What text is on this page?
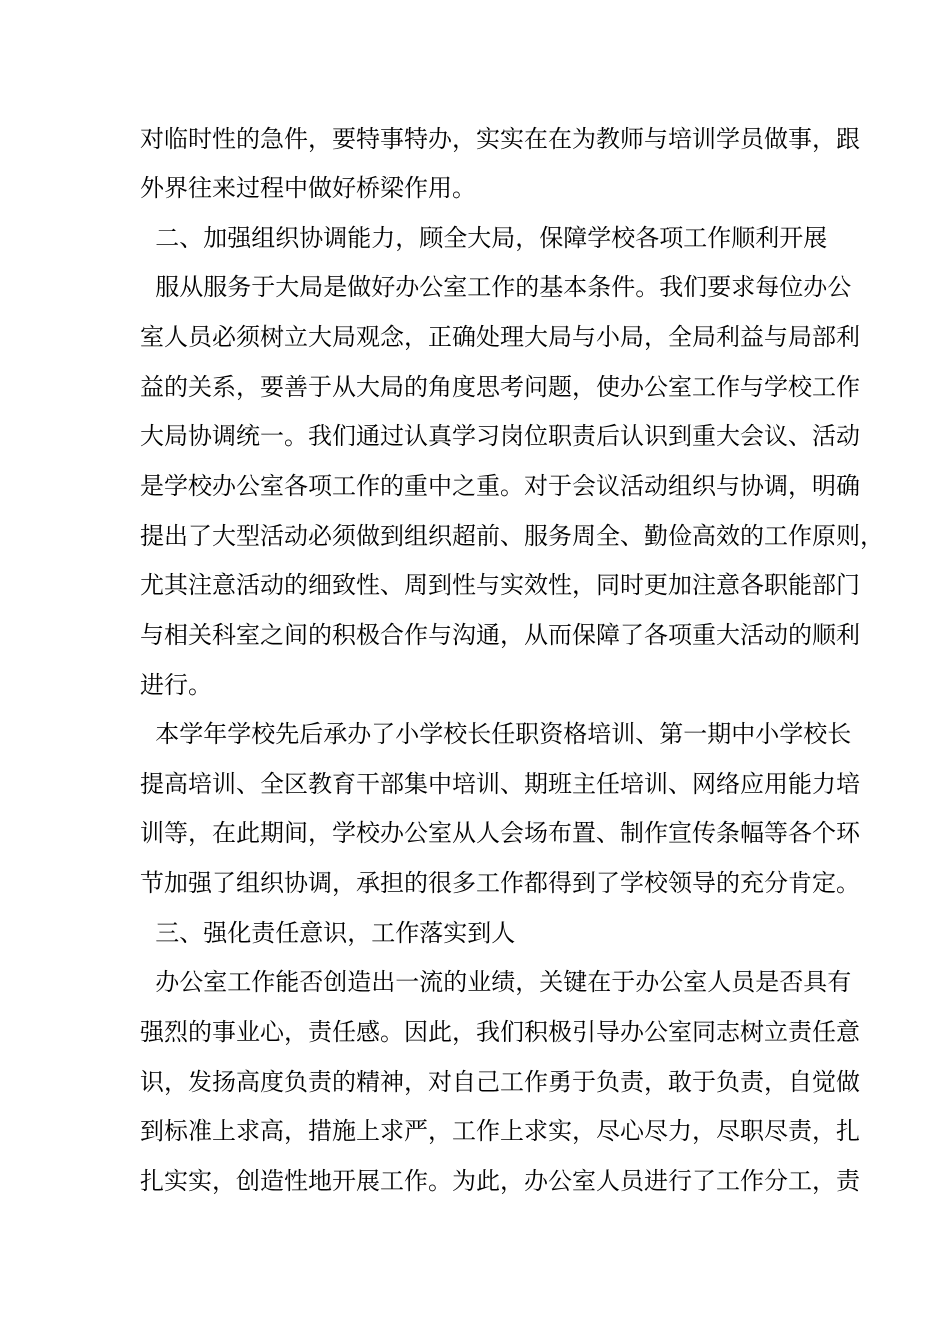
对临时性的急件，要特事特办，实实在在为教师与培训学员做事，跟
外界往来过程中做好桥梁作用。
二、加强组织协调能力，顾全大局，保障学校各项工作顺利开展
服从服务于大局是做好办公室工作的基本条件。我们要求每位办公
室人员必须树立大局观念，正确处理大局与小局，全局利益与局部利
益的关系，要善于从大局的角度思考问题，使办公室工作与学校工作
大局协调统一。我们通过认真学习岗位职责后认识到重大会议、活动
是学校办公室各项工作的重中之重。对于会议活动组织与协调，明确
提出了大型活动必须做到组织超前、服务周全、勤俭高效的工作原则，
尤其注意活动的细致性、周到性与实效性，同时更加注意各职能部门
与相关科室之间的积极合作与沟通，从而保障了各项重大活动的顺利
进行。
本学年学校先后承办了小学校长任职资格培训、第一期中小学校长
提高培训、全区教育干部集中培训、期班主任培训、网络应用能力培
训等，在此期间，学校办公室从人会场布置、制作宣传条幅等各个环
节加强了组织协调，承担的很多工作都得到了学校领导的充分肯定。
三、强化责任意识，工作落实到人
办公室工作能否创造出一流的业绩，关键在于办公室人员是否具有
强烈的事业心，责任感。因此，我们积极引导办公室同志树立责任意
识，发扬高度负责的精神，对自己工作勇于负责，敢于负责，自觉做
到标准上求高，措施上求严，工作上求实，尽心尽力，尽职尽责，扎
扎实实，创造性地开展工作。为此，办公室人员进行了工作分工，责
